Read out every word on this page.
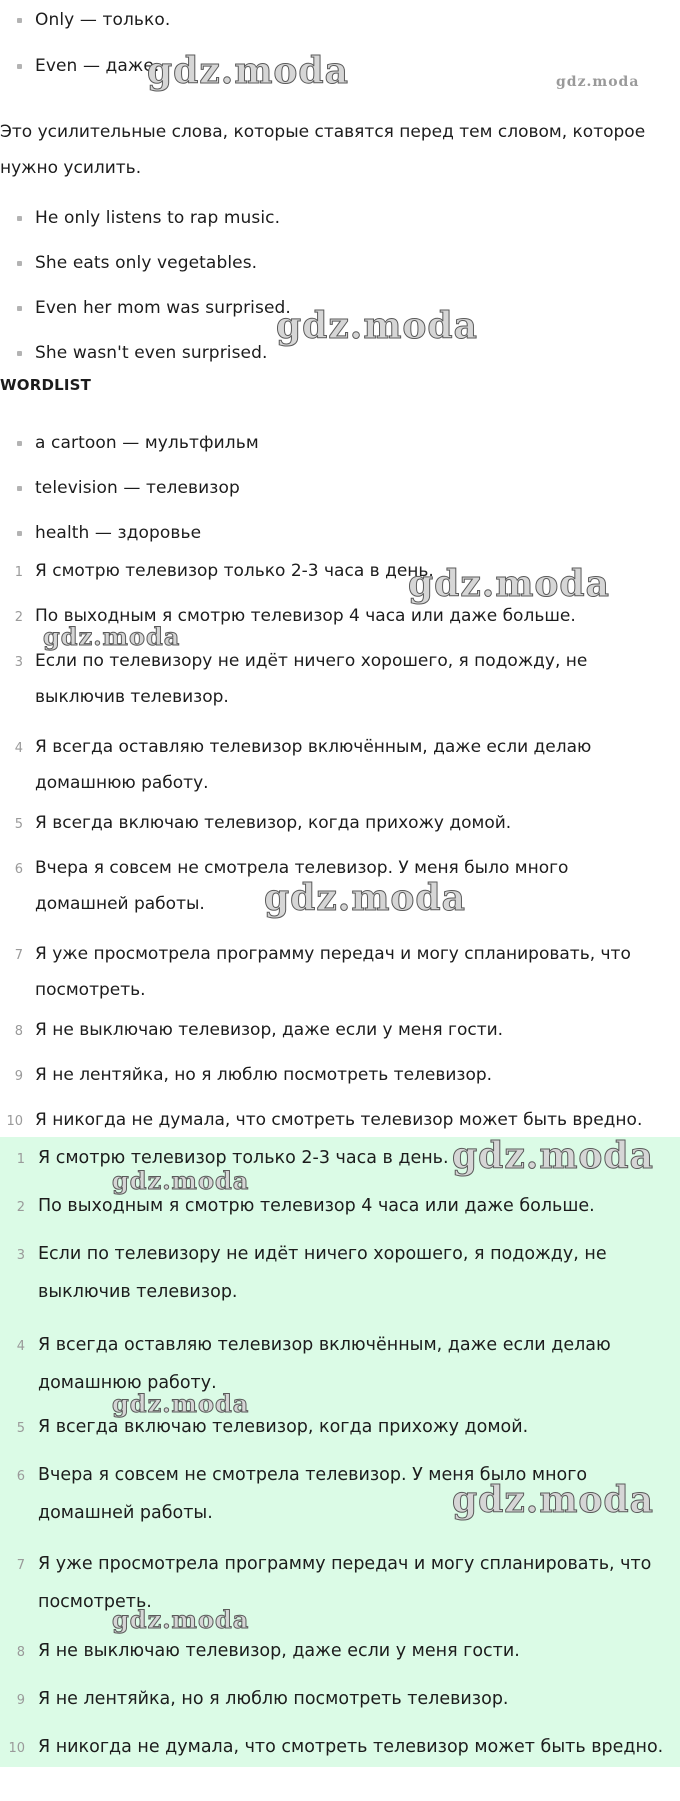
Only — только.
Even — даже.

Это усилительные слова, которые ставятся перед тем словом, которое нужно усилить.

He only listens to rap music.
She eats only vegetables.
Even her mom was surprised.
She wasn't even surprised.
WORDLIST
a cartoon — мультфильм
television — телевизор
health — здоровье
1 Я смотрю телевизор только 2-3 часа в день.
2 По выходным я смотрю телевизор 4 часа или даже больше.
3 Если по телевизору не идёт ничего хорошего, я подожду, не выключив телевизор.
4 Я всегда оставляю телевизор включённым, даже если делаю домашнюю работу.
5 Я всегда включаю телевизор, когда прихожу домой.
6 Вчера я совсем не смотрела телевизор. У меня было много домашней работы.
7 Я уже просмотрела программу передач и могу спланировать, что посмотреть.
8 Я не выключаю телевизор, даже если у меня гости.
9 Я не лентяйка, но я люблю посмотреть телевизор.
10 Я никогда не думала, что смотреть телевизор может быть вредно.
1 Я смотрю телевизор только 2-3 часа в день.
2 По выходным я смотрю телевизор 4 часа или даже больше.
3 Если по телевизору не идёт ничего хорошего, я подожду, не выключив телевизор.
4 Я всегда оставляю телевизор включённым, даже если делаю домашнюю работу.
5 Я всегда включаю телевизор, когда прихожу домой.
6 Вчера я совсем не смотрела телевизор. У меня было много домашней работы.
7 Я уже просмотрела программу передач и могу спланировать, что посмотреть.
8 Я не выключаю телевизор, даже если у меня гости.
9 Я не лентяйка, но я люблю посмотреть телевизор.
10 Я никогда не думала, что смотреть телевизор может быть вредно.
gdz.moda	gdz.moda
gdz.moda
gdz.moda
gdz.moda
gdz.moda
gdz.moda
gdz.moda
gdz.moda
gdz.moda
gdz.moda
